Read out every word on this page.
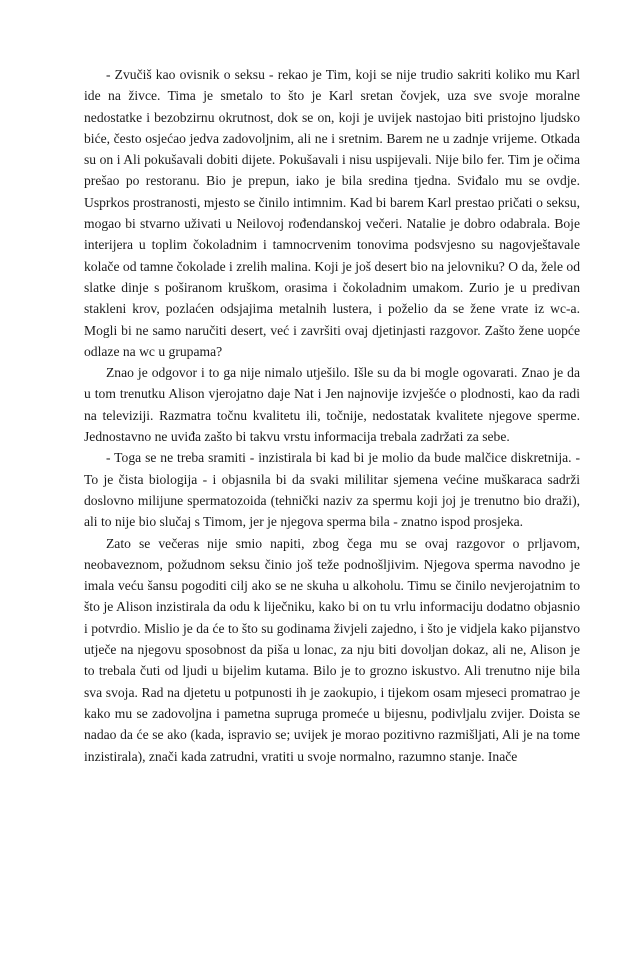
- Zvučiš kao ovisnik o seksu - rekao je Tim, koji se nije trudio sakriti koliko mu Karl ide na živce. Tima je smetalo to što je Karl sretan čovjek, uza sve svoje moralne nedostatke i bezobzirnu okrutnost, dok se on, koji je uvijek nastojao biti pristojno ljudsko biće, često osjećao jedva zadovoljnim, ali ne i sretnim. Barem ne u zadnje vrijeme. Otkada su on i Ali pokušavali dobiti dijete. Pokušavali i nisu uspijevali. Nije bilo fer. Tim je očima prešao po restoranu. Bio je prepun, iako je bila sredina tjedna. Sviđalo mu se ovdje. Usprkos prostranosti, mjesto se činilo intimnim. Kad bi barem Karl prestao pričati o seksu, mogao bi stvarno uživati u Neilovoj rođendanskoj večeri. Natalie je dobro odabrala. Boje interijera u toplim čokoladnim i tamnocrvenim tonovima podsvjesno su nagovještavale kolače od tamne čokolade i zrelih malina. Koji je još desert bio na jelovniku? O da, žele od slatke dinje s poširanom kruškom, orasima i čokoladnim umakom. Zurio je u predivan stakleni krov, pozlaćen odsjajima metalnih lustera, i poželio da se žene vrate iz wc-a. Mogli bi ne samo naručiti desert, već i završiti ovaj djetinjasti razgovor. Zašto žene uopće odlaze na wc u grupama?

Znao je odgovor i to ga nije nimalo utješilo. Išle su da bi mogle ogovarati. Znao je da u tom trenutku Alison vjerojatno daje Nat i Jen najnovije izvješće o plodnosti, kao da radi na televiziji. Razmatra točnu kvalitetu ili, točnije, nedostatak kvalitete njegove sperme. Jednostavno ne uviđa zašto bi takvu vrstu informacija trebala zadržati za sebe.

- Toga se ne treba sramiti - inzistirala bi kad bi je molio da bude malčice diskretnija. - To je čista biologija - i objasnila bi da svaki mililitar sjemena većine muškaraca sadrži doslovno milijune spermatozoida (tehnički naziv za spermu koji joj je trenutno bio draži), ali to nije bio slučaj s Timom, jer je njegova sperma bila - znatno ispod prosjeka.

Zato se večeras nije smio napiti, zbog čega mu se ovaj razgovor o prljavom, neobaveznom, požudnom seksu činio još teže podnošljivim. Njegova sperma navodno je imala veću šansu pogoditi cilj ako se ne skuha u alkoholu. Timu se činilo nevjerojatnim to što je Alison inzistirala da odu k liječniku, kako bi on tu vrlu informaciju dodatno objasnio i potvrdio. Mislio je da će to što su godinama živjeli zajedno, i što je vidjela kako pijanstvo utječe na njegovu sposobnost da piša u lonac, za nju biti dovoljan dokaz, ali ne, Alison je to trebala čuti od ljudi u bijelim kutama. Bilo je to grozno iskustvo. Ali trenutno nije bila sva svoja. Rad na djetetu u potpunosti ih je zaokupio, i tijekom osam mjeseci promatrao je kako mu se zadovoljna i pametna supruga promeće u bijesnu, podivljalu zvijer. Doista se nadao da će se ako (kada, ispravio se; uvijek je morao pozitivno razmišljati, Ali je na tome inzistirala), znači kada zatrudni, vratiti u svoje normalno, razumno stanje. Inače
